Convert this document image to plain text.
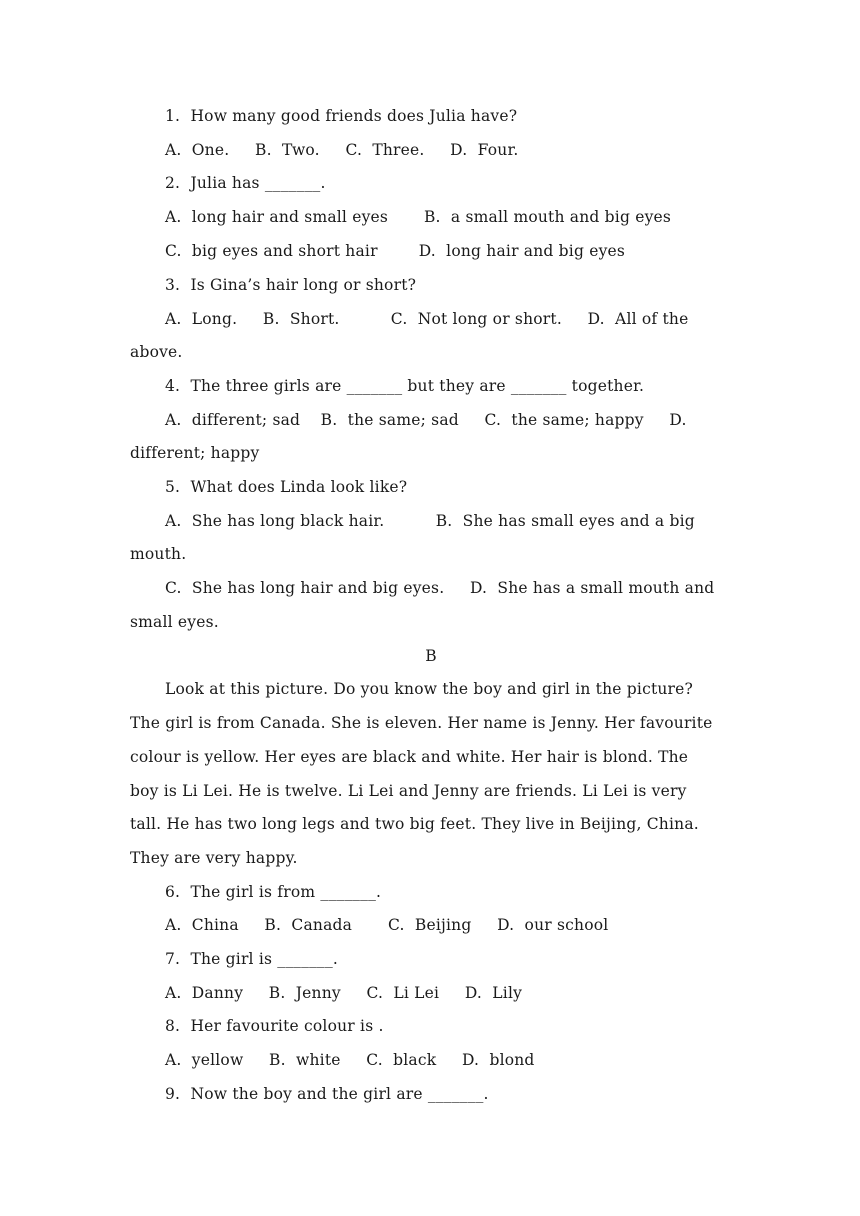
1.  How many good friends does Julia have?
A.  One.     B.  Two.     C.  Three.     D.  Four.
2.  Julia has _______.
A.  long hair and small eyes       B.  a small mouth and big eyes
C.  big eyes and short hair        D.  long hair and big eyes
3.  Is Gina’s hair long or short?
A.  Long.     B.  Short.          C.  Not long or short.     D.  All of the
above.
4.  The three girls are _______ but they are _______ together.
A.  different; sad    B.  the same; sad     C.  the same; happy     D.
different; happy
5.  What does Linda look like?
A.  She has long black hair.          B.  She has small eyes and a big
mouth.
C.  She has long hair and big eyes.     D.  She has a small mouth and
small eyes.
B
Look at this picture. Do you know the boy and girl in the picture?
The girl is from Canada. She is eleven. Her name is Jenny. Her favourite
colour is yellow. Her eyes are black and white. Her hair is blond. The
boy is Li Lei. He is twelve. Li Lei and Jenny are friends. Li Lei is very
tall. He has two long legs and two big feet. They live in Beijing, China.
They are very happy.
6.  The girl is from _______.
A.  China     B.  Canada       C.  Beijing     D.  our school
7.  The girl is _______.
A.  Danny     B.  Jenny     C.  Li Lei     D.  Lily
8.  Her favourite colour is .
A.  yellow     B.  white     C.  black     D.  blond
9.  Now the boy and the girl are _______.
